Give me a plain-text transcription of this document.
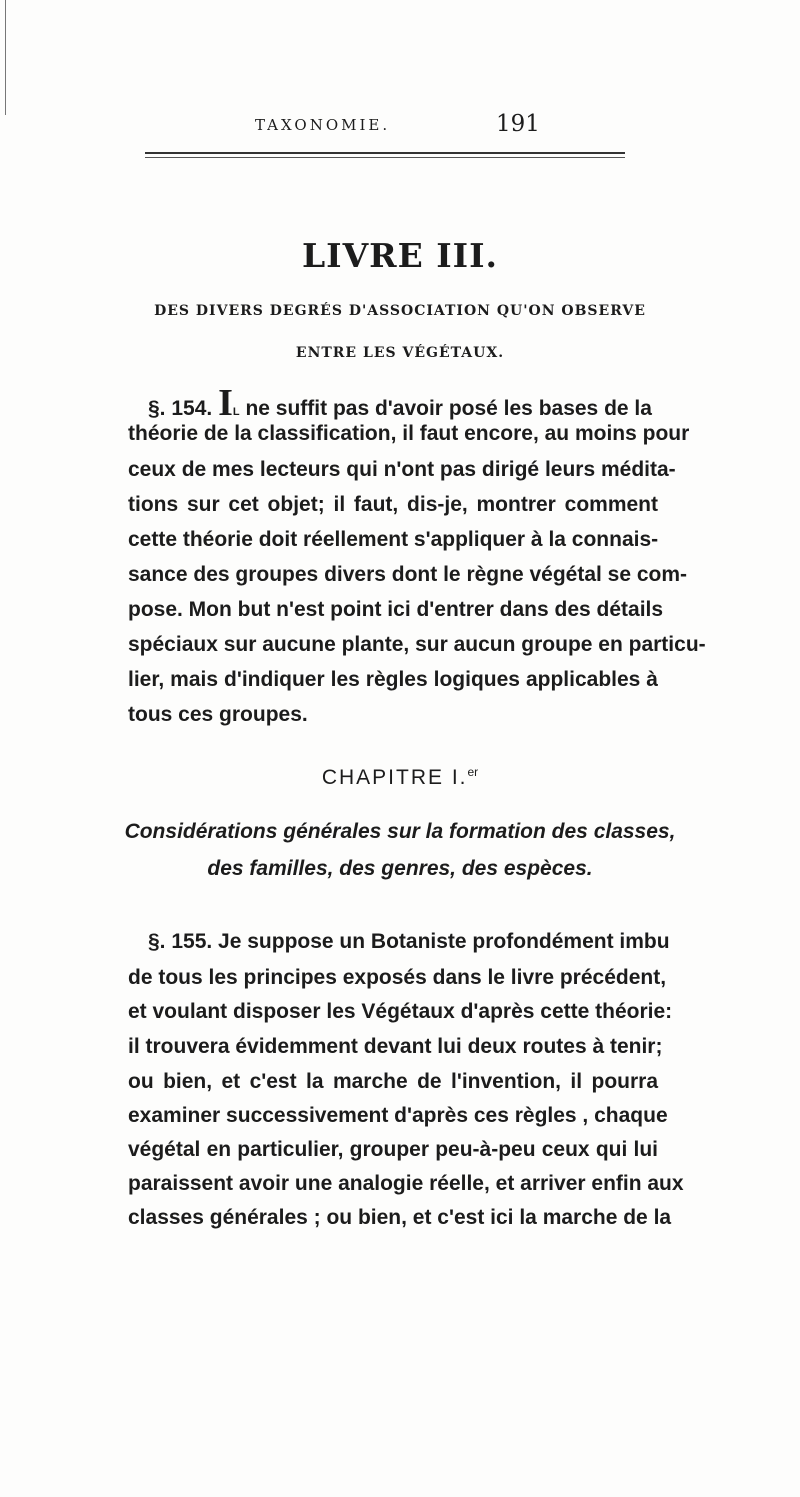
TAXONOMIE.	191
LIVRE III.
DES DIVERS DEGRÉS D'ASSOCIATION QU'ON OBSERVE
ENTRE LES VÉGÉTAUX.
§. 154. Il ne suffit pas d'avoir posé les bases de la
théorie de la classification, il faut encore, au moins pour
ceux de mes lecteurs qui n'ont pas dirigé leurs médita-
tions sur cet objet; il faut, dis-je, montrer comment
cette théorie doit réellement s'appliquer à la connais-
sance des groupes divers dont le règne végétal se com-
pose. Mon but n'est point ici d'entrer dans des détails
spéciaux sur aucune plante, sur aucun groupe en particu-
lier, mais d'indiquer les règles logiques applicables à
tous ces groupes.
CHAPITRE I.$^{er}$
Considérations générales sur la formation des classes,
des familles, des genres, des espèces.
§. 155. Je suppose un Botaniste profondément imbu
de tous les principes exposés dans le livre précédent,
et voulant disposer les Végétaux d'après cette théorie:
il trouvera évidemment devant lui deux routes à tenir;
ou bien, et c'est la marche de l'invention, il pourra
examiner successivement d'après ces règles , chaque
végétal en particulier, grouper peu-à-peu ceux qui lui
paraissent avoir une analogie réelle, et arriver enfin aux
classes générales ; ou bien, et c'est ici la marche de la
